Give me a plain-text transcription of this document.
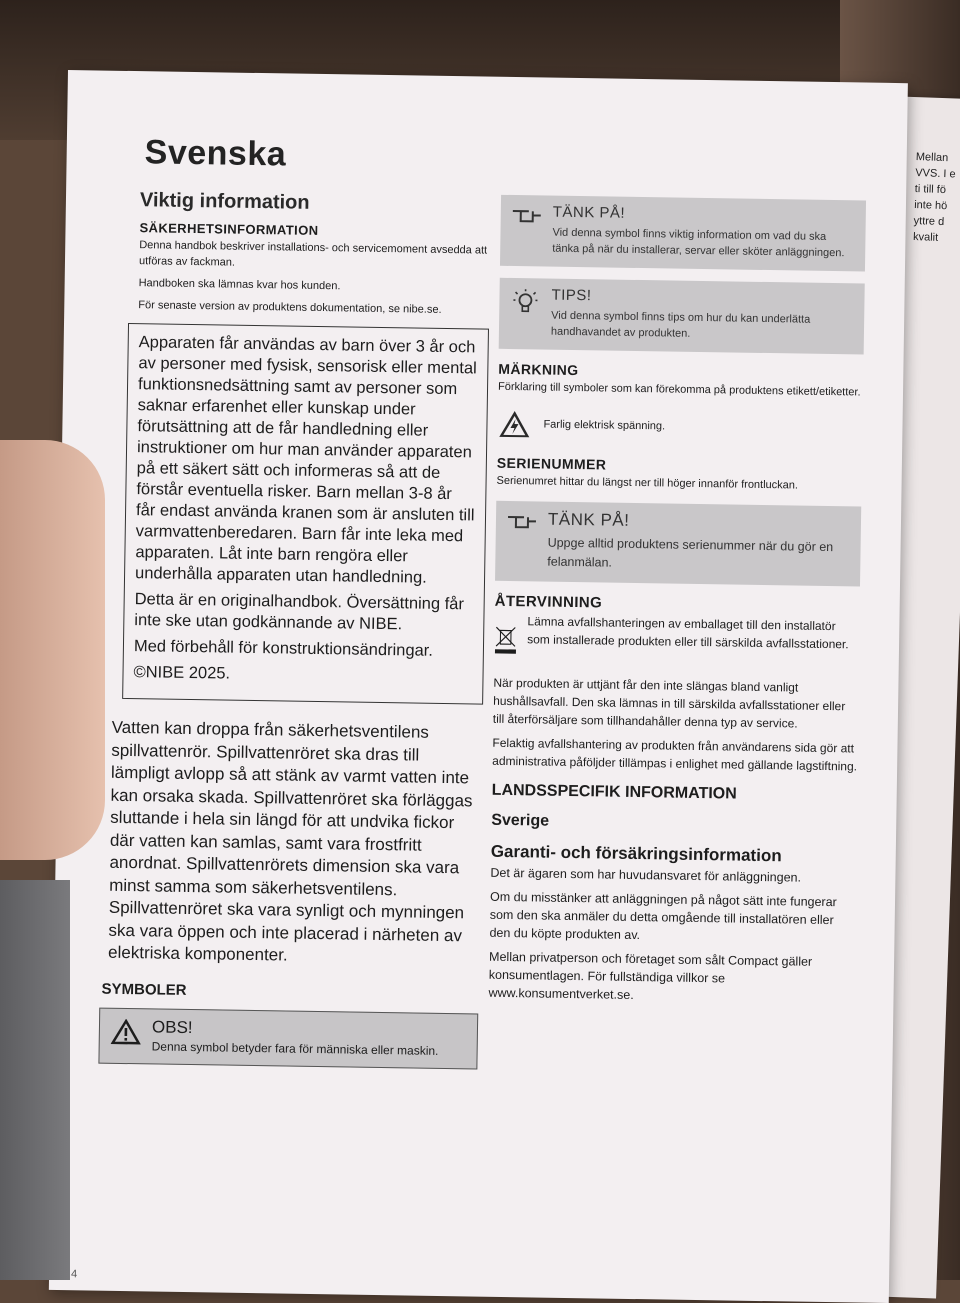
Mellan
VVS. I e
ti till fö
inte hö
yttre d
kvalit
Svenska
Viktig information
SÄKERHETSINFORMATION

Denna handbok beskriver installations- och servicemoment avsedda att utföras av fackman.

Handboken ska lämnas kvar hos kunden.

För senaste version av produktens dokumentation, se nibe.se.

Apparaten får användas av barn över 3 år och av personer med fysisk, sensorisk eller mental funktionsnedsättning samt av personer som saknar erfarenhet eller kunskap under förutsättning att de får handledning eller instruktioner om hur man använder apparaten på ett säkert sätt och informeras så att de förstår eventuella risker. Barn mellan 3-8 år får endast använda kranen som är ansluten till varmvattenberedaren. Barn får inte leka med apparaten. Låt inte barn rengöra eller underhålla apparaten utan handledning.

Detta är en originalhandbok. Översättning får inte ske utan godkännande av NIBE.

Med förbehåll för konstruktionsändringar.

©NIBE 2025.

Vatten kan droppa från säkerhetsventilens spillvattenrör. Spillvattenröret ska dras till lämpligt avlopp så att stänk av varmt vatten inte kan orsaka skada. Spillvattenröret ska förläggas sluttande i hela sin längd för att undvika fickor där vatten kan samlas, samt vara frostfritt anordnat. Spillvattenrörets dimension ska vara minst samma som säkerhetsventilens. Spillvattenröret ska vara synligt och mynningen ska vara öppen och inte placerad i närheten av elektriska komponenter.

SYMBOLER
OBS!
Denna symbol betyder fara för människa eller maskin.
TÄNK PÅ!
Vid denna symbol finns viktig information om vad du ska tänka på när du installerar, servar eller sköter anläggningen.
TIPS!
Vid denna symbol finns tips om hur du kan underlätta handhavandet av produkten.
MÄRKNING

Förklaring till symboler som kan förekomma på produktens etikett/etiketter.

Farlig elektrisk spänning.
SERIENUMMER

Serienumret hittar du längst ner till höger innanför frontluckan.

TÄNK PÅ!
Uppge alltid produktens serienummer när du gör en felanmälan.
ÅTERVINNING

Lämna avfallshanteringen av emballaget till den installatör som installerade produkten eller till särskilda avfallsstationer.

När produkten är uttjänt får den inte slängas bland vanligt hushållsavfall. Den ska lämnas in till särskilda avfallsstationer eller till återförsäljare som tillhandahåller denna typ av service.

Felaktig avfallshantering av produkten från användarens sida gör att administrativa påföljder tillämpas i enlighet med gällande lagstiftning.

LANDSSPECIFIK INFORMATION
Sverige
Garanti- och försäkringsinformation

Det är ägaren som har huvudansvaret för anläggningen.

Om du misstänker att anläggningen på något sätt inte fungerar som den ska anmäler du detta omgående till installatören eller den du köpte produkten av.

Mellan privatperson och företaget som sålt Compact gäller konsumentlagen. För fullständiga villkor se www.konsumentverket.se.

4
